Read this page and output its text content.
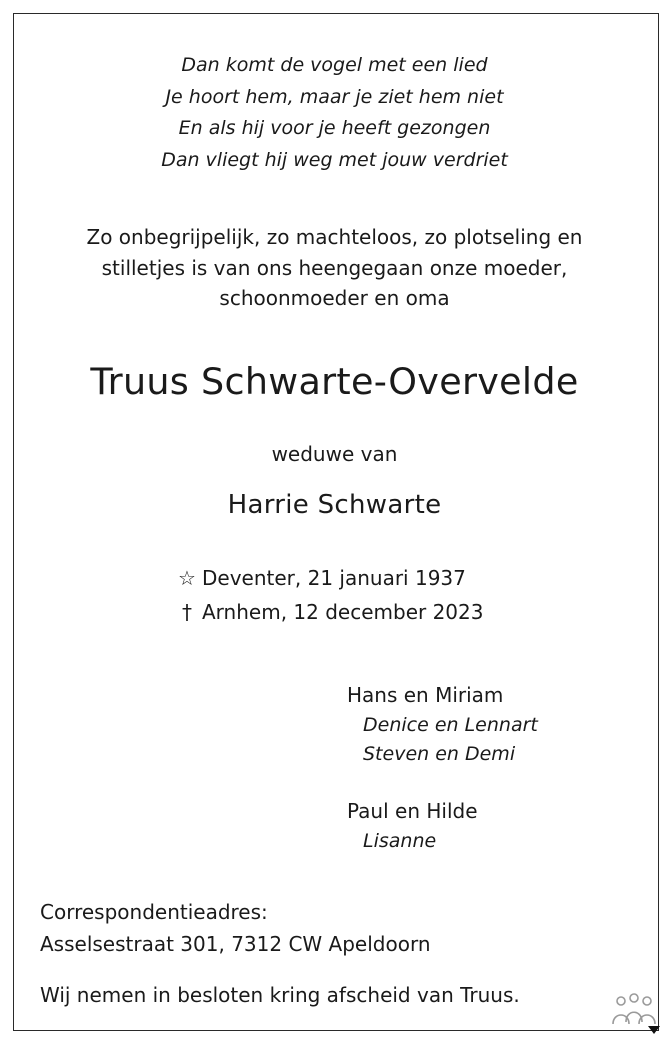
Dan komt de vogel met een lied
Je hoort hem, maar je ziet hem niet
En als hij voor je heeft gezongen
Dan vliegt hij weg met jouw verdriet
Zo onbegrijpelijk, zo machteloos, zo plotseling en
stilletjes is van ons heengegaan onze moeder,
schoonmoeder en oma
Truus Schwarte-Overvelde
weduwe van
Harrie Schwarte
☆ Deventer, 21 januari 1937
† Arnhem, 12 december 2023
Hans en Miriam
Denice en Lennart
Steven en Demi
Paul en Hilde
Lisanne
Correspondentieadres:
Asselsestraat 301, 7312 CW Apeldoorn
Wij nemen in besloten kring afscheid van Truus.
